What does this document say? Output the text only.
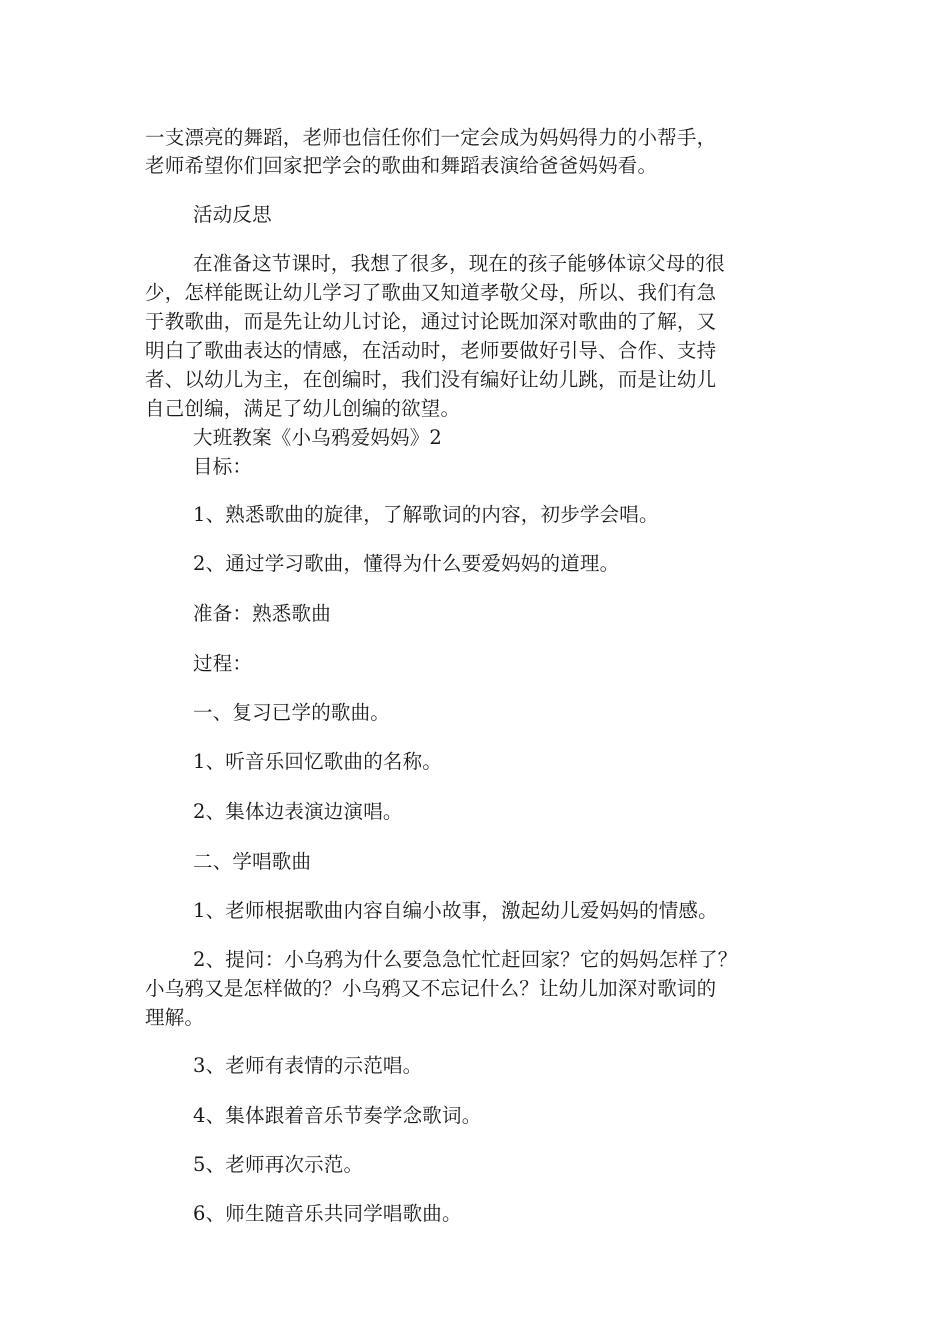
一支漂亮的舞蹈，老师也信任你们一定会成为妈妈得力的小帮手，
老师希望你们回家把学会的歌曲和舞蹈表演给爸爸妈妈看。
活动反思
在准备这节课时，我想了很多，现在的孩子能够体谅父母的很
少，怎样能既让幼儿学习了歌曲又知道孝敬父母，所以、我们有急
于教歌曲，而是先让幼儿讨论，通过讨论既加深对歌曲的了解，又
明白了歌曲表达的情感，在活动时，老师要做好引导、合作、支持
者、以幼儿为主，在创编时，我们没有编好让幼儿跳，而是让幼儿
自己创编，满足了幼儿创编的欲望。
大班教案《小乌鸦爱妈妈》2
目标：
1、熟悉歌曲的旋律，了解歌词的内容，初步学会唱。
2、通过学习歌曲，懂得为什么要爱妈妈的道理。
准备：熟悉歌曲
过程：
一、复习已学的歌曲。
1、听音乐回忆歌曲的名称。
2、集体边表演边演唱。
二、学唱歌曲
1、老师根据歌曲内容自编小故事，激起幼儿爱妈妈的情感。
2、提问：小乌鸦为什么要急急忙忙赶回家？它的妈妈怎样了？
小乌鸦又是怎样做的？小乌鸦又不忘记什么？让幼儿加深对歌词的
理解。
3、老师有表情的示范唱。
4、集体跟着音乐节奏学念歌词。
5、老师再次示范。
6、师生随音乐共同学唱歌曲。
